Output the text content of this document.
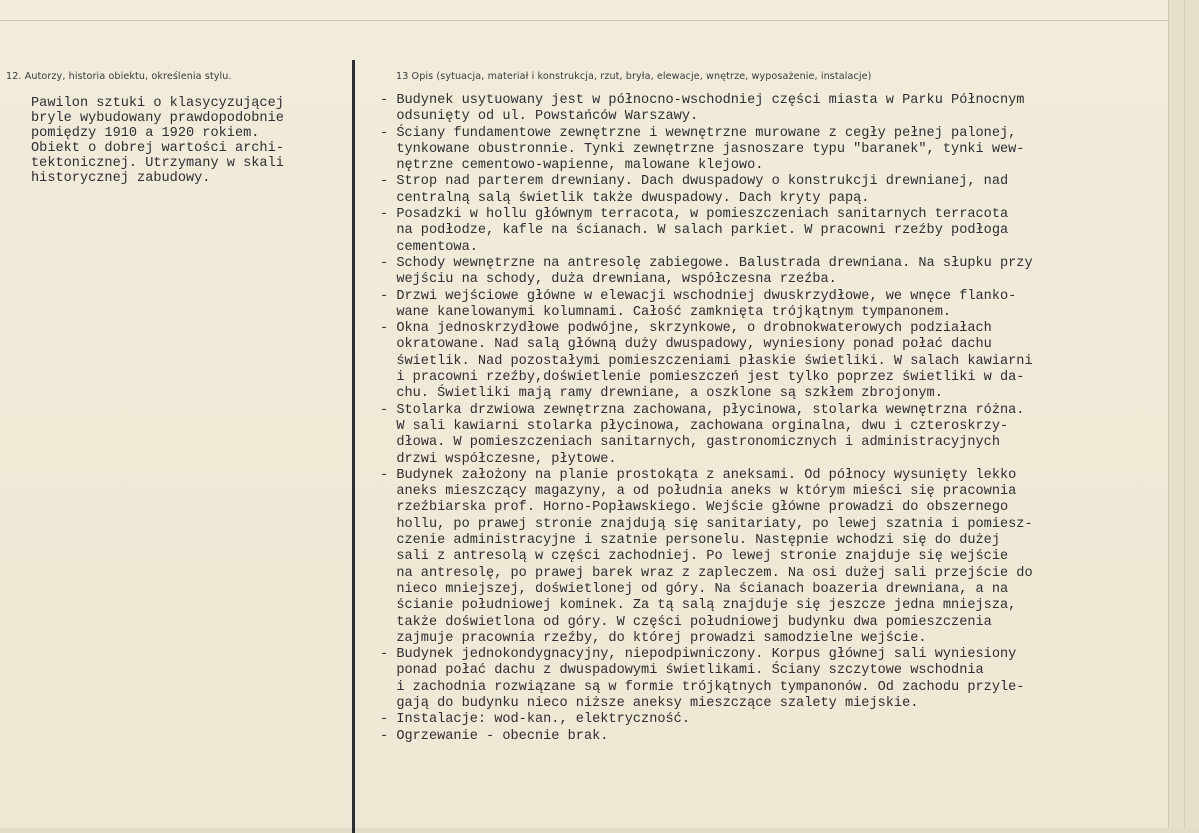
12. Autorzy, historia obiektu, określenia stylu.	13 Opis (sytuacja, materiał i konstrukcja, rzut, bryła, elewacje, wnętrze, wyposażenie, instalacje)
Pawilon sztuki o klasycyzującej
bryle wybudowany prawdopodobnie
pomiędzy 1910 a 1920 rokiem.
Obiekt o dobrej wartości archi-
tektonicznej. Utrzymany w skali
historycznej zabudowy.
- Budynek usytuowany jest w północno-wschodniej części miasta w Parku Północnym
odsunięty od ul. Powstańców Warszawy.
- Ściany fundamentowe zewnętrzne i wewnętrzne murowane z cegły pełnej palonej,
tynkowane obustronnie. Tynki zewnętrzne jasnoszare typu "baranek", tynki wew-
nętrzne cementowo-wapienne, malowane klejowo.
- Strop nad parterem drewniany. Dach dwuspadowy o konstrukcji drewnianej, nad
centralną salą świetlik także dwuspadowy. Dach kryty papą.
- Posadzki w hollu głównym terracota, w pomieszczeniach sanitarnych terracota
na podłodze, kafle na ścianach. W salach parkiet. W pracowni rzeźby podłoga
cementowa.
- Schody wewnętrzne na antresolę zabiegowe. Balustrada drewniana. Na słupku przy
wejściu na schody, duża drewniana, współczesna rzeźba.
- Drzwi wejściowe główne w elewacji wschodniej dwuskrzydłowe, we wnęce flanko-
wane kanelowanymi kolumnami. Całość zamknięta trójkątnym tympanonem.
- Okna jednoskrzydłowe podwójne, skrzynkowe, o drobnokwaterowych podziałach
okratowane. Nad salą główną duży dwuspadowy, wyniesiony ponad połać dachu
świetlik. Nad pozostałymi pomieszczeniami płaskie świetliki. W salach kawiarni
i pracowni rzeźby,doświetlenie pomieszczeń jest tylko poprzez świetliki w da-
chu. Świetliki mają ramy drewniane, a oszklone są szkłem zbrojonym.
- Stolarka drzwiowa zewnętrzna zachowana, płycinowa, stolarka wewnętrzna różna.
W sali kawiarni stolarka płycinowa, zachowana orginalna, dwu i czteroskrzy-
dłowa. W pomieszczeniach sanitarnych, gastronomicznych i administracyjnych
drzwi współczesne, płytowe.
- Budynek założony na planie prostokąta z aneksami. Od północy wysunięty lekko
aneks mieszczący magazyny, a od południa aneks w którym mieści się pracownia
rzeźbiarska prof. Horno-Popławskiego. Wejście główne prowadzi do obszernego
hollu, po prawej stronie znajdują się sanitariaty, po lewej szatnia i pomiesz-
czenie administracyjne i szatnie personelu. Następnie wchodzi się do dużej
sali z antresolą w części zachodniej. Po lewej stronie znajduje się wejście
na antresolę, po prawej barek wraz z zapleczem. Na osi dużej sali przejście do
nieco mniejszej, doświetlonej od góry. Na ścianach boazeria drewniana, a na
ścianie południowej kominek. Za tą salą znajduje się jeszcze jedna mniejsza,
także doświetlona od góry. W części południowej budynku dwa pomieszczenia
zajmuje pracownia rzeźby, do której prowadzi samodzielne wejście.
- Budynek jednokondygnacyjny, niepodpiwniczony. Korpus głównej sali wyniesiony
ponad połać dachu z dwuspadowymi świetlikami. Ściany szczytowe wschodnia
i zachodnia rozwiązane są w formie trójkątnych tympanonów. Od zachodu przyle-
gają do budynku nieco niższe aneksy mieszczące szalety miejskie.
- Instalacje: wod-kan., elektryczność.
- Ogrzewanie - obecnie brak.
